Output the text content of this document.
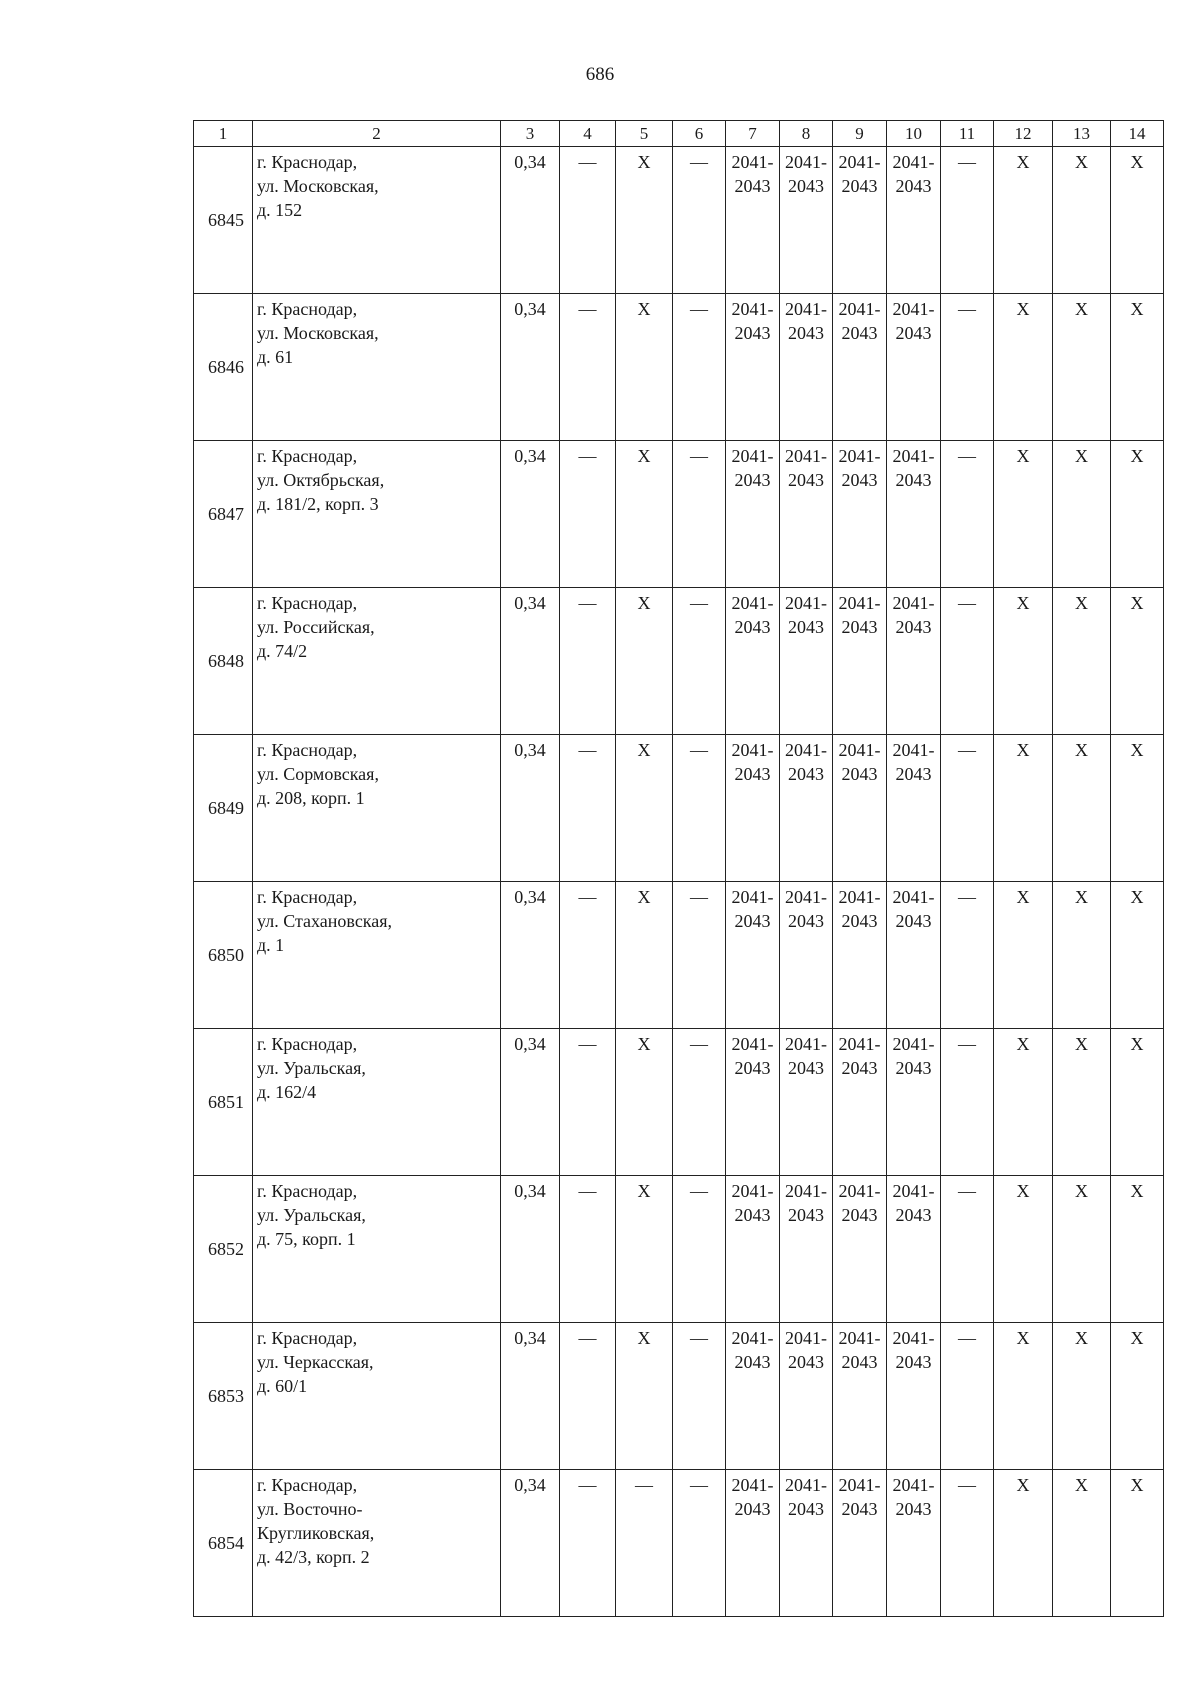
686
1	2	3	4	5	6	7	8	9	10	11	12	13	14
6845	г. Краснодар,
ул. Московская,
д. 152	0,34	—	Х	—	2041-
2043	2041-
2043	2041-
2043	2041-
2043	—	Х	Х	Х
6846	г. Краснодар,
ул. Московская,
д. 61	0,34	—	Х	—	2041-
2043	2041-
2043	2041-
2043	2041-
2043	—	Х	Х	Х
6847	г. Краснодар,
ул. Октябрьская,
д. 181/2, корп. 3	0,34	—	Х	—	2041-
2043	2041-
2043	2041-
2043	2041-
2043	—	Х	Х	Х
6848	г. Краснодар,
ул. Российская,
д. 74/2	0,34	—	Х	—	2041-
2043	2041-
2043	2041-
2043	2041-
2043	—	Х	Х	Х
6849	г. Краснодар,
ул. Сормовская,
д. 208, корп. 1	0,34	—	Х	—	2041-
2043	2041-
2043	2041-
2043	2041-
2043	—	Х	Х	Х
6850	г. Краснодар,
ул. Стахановская,
д. 1	0,34	—	Х	—	2041-
2043	2041-
2043	2041-
2043	2041-
2043	—	Х	Х	Х
6851	г. Краснодар,
ул. Уральская,
д. 162/4	0,34	—	Х	—	2041-
2043	2041-
2043	2041-
2043	2041-
2043	—	Х	Х	Х
6852	г. Краснодар,
ул. Уральская,
д. 75, корп. 1	0,34	—	Х	—	2041-
2043	2041-
2043	2041-
2043	2041-
2043	—	Х	Х	Х
6853	г. Краснодар,
ул. Черкасская,
д. 60/1	0,34	—	Х	—	2041-
2043	2041-
2043	2041-
2043	2041-
2043	—	Х	Х	Х
6854	г. Краснодар,
ул. Восточно-
Кругликовская,
д. 42/3, корп. 2	0,34	—	—	—	2041-
2043	2041-
2043	2041-
2043	2041-
2043	—	Х	Х	Х
